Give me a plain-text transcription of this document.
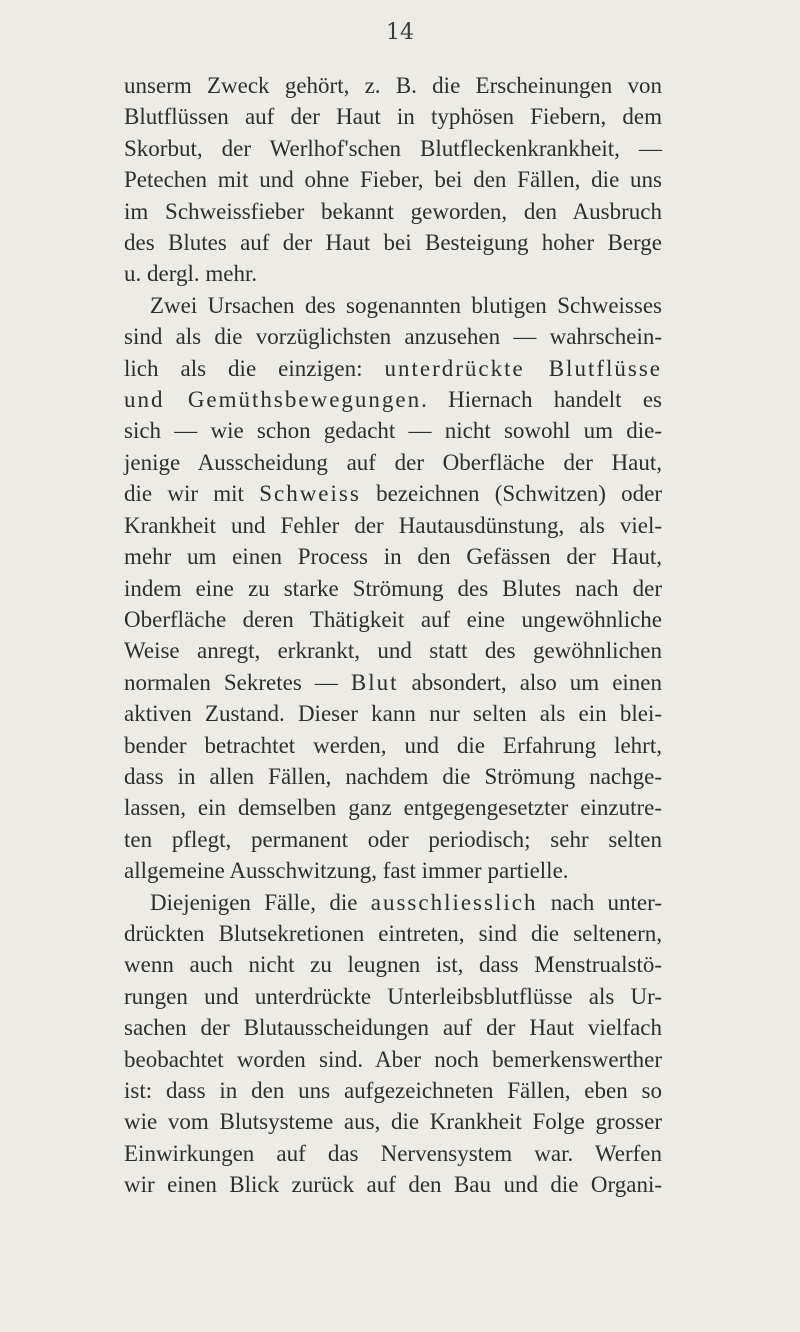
14
unserm Zweck gehört, z. B. die Erscheinungen von
Blutflüssen auf der Haut in typhösen Fiebern, dem
Skorbut, der Werlhof'schen Blutfleckenkrankheit, —
Petechen mit und ohne Fieber, bei den Fällen, die uns
im Schweissfieber bekannt geworden, den Ausbruch
des Blutes auf der Haut bei Besteigung hoher Berge
u. dergl. mehr.
Zwei Ursachen des sogenannten blutigen Schweisses
sind als die vorzüglichsten anzusehen — wahrschein-
lich als die einzigen: unterdrückte Blutflüsse
und Gemüthsbewegungen. Hiernach handelt es
sich — wie schon gedacht — nicht sowohl um die-
jenige Ausscheidung auf der Oberfläche der Haut,
die wir mit Schweiss bezeichnen (Schwitzen) oder
Krankheit und Fehler der Hautausdünstung, als viel-
mehr um einen Process in den Gefässen der Haut,
indem eine zu starke Strömung des Blutes nach der
Oberfläche deren Thätigkeit auf eine ungewöhnliche
Weise anregt, erkrankt, und statt des gewöhnlichen
normalen Sekretes — Blut absondert, also um einen
aktiven Zustand. Dieser kann nur selten als ein blei-
bender betrachtet werden, und die Erfahrung lehrt,
dass in allen Fällen, nachdem die Strömung nachge-
lassen, ein demselben ganz entgegengesetzter einzutre-
ten pflegt, permanent oder periodisch; sehr selten
allgemeine Ausschwitzung, fast immer partielle.
Diejenigen Fälle, die ausschliesslich nach unter-
drückten Blutsekretionen eintreten, sind die seltenern,
wenn auch nicht zu leugnen ist, dass Menstrualstö-
rungen und unterdrückte Unterleibsblutflüsse als Ur-
sachen der Blutausscheidungen auf der Haut vielfach
beobachtet worden sind. Aber noch bemerkenswerther
ist: dass in den uns aufgezeichneten Fällen, eben so
wie vom Blutsysteme aus, die Krankheit Folge grosser
Einwirkungen auf das Nervensystem war. Werfen
wir einen Blick zurück auf den Bau und die Organi-
